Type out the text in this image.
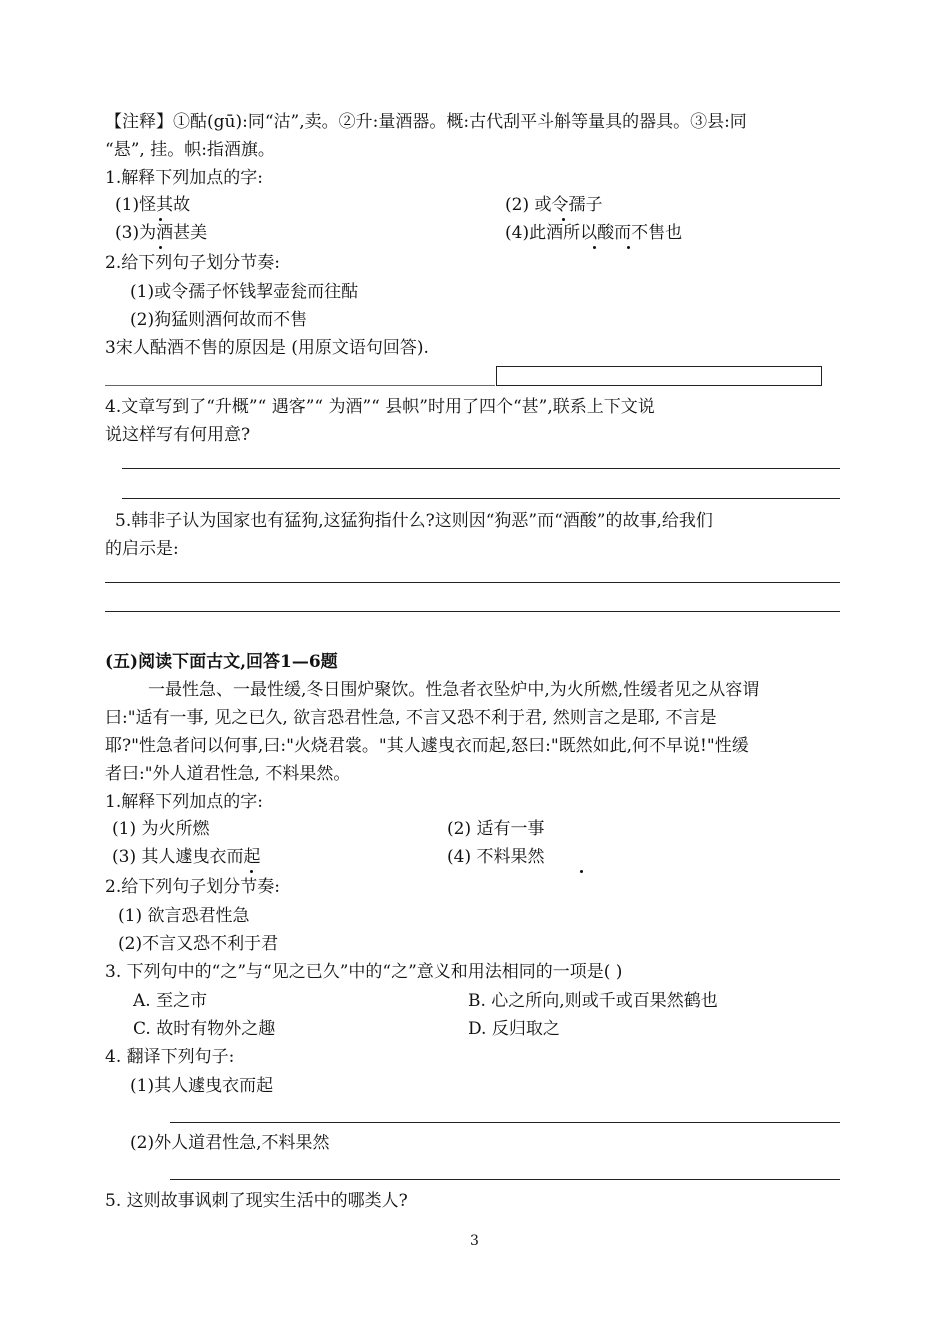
【注释】①酤(gū):同“沽”,卖。②升:量酒器。概:古代刮平斗斛等量具的器具。③县:同
“悬”, 挂。帜:指酒旗。
1.解释下列加点的字:
(1)怪其故	(2) 或令孺子
(3)为酒甚美	(4)此酒所以酸而不售也
2.给下列句子划分节奏:
(1)或令孺子怀钱挈壶瓮而往酤
(2)狗猛则酒何故而不售
3宋人酤酒不售的原因是 (用原文语句回答).
4.文章写到了“升概”“ 遇客”“ 为酒”“ 县帜”时用了四个“甚”,联系上下文说
说这样写有何用意?
5.韩非子认为国家也有猛狗,这猛狗指什么?这则因“狗恶”而“酒酸”的故事,给我们
的启示是:
(五)阅读下面古文,回答1—6题
一最性急、一最性缓,冬日围炉聚饮。性急者衣坠炉中,为火所燃,性缓者见之从容谓
曰:"适有一事, 见之已久, 欲言恐君性急, 不言又恐不利于君, 然则言之是耶, 不言是
耶?"性急者问以何事,曰:"火烧君裳。"其人遽曳衣而起,怒曰:"既然如此,何不早说!"性缓
者曰:"外人道君性急, 不料果然。
1.解释下列加点的字:
(1) 为火所燃	(2) 适有一事
(3) 其人遽曳衣而起	(4) 不料果然
2.给下列句子划分节奏:
(1) 欲言恐君性急
(2)不言又恐不利于君
3. 下列句中的“之”与“见之已久”中的“之”意义和用法相同的一项是( )
A. 至之市	B. 心之所向,则或千或百果然鹤也
C. 故时有物外之趣	D. 反归取之
4. 翻译下列句子:
(1)其人遽曳衣而起
(2)外人道君性急,不料果然
5. 这则故事讽刺了现实生活中的哪类人?
3
